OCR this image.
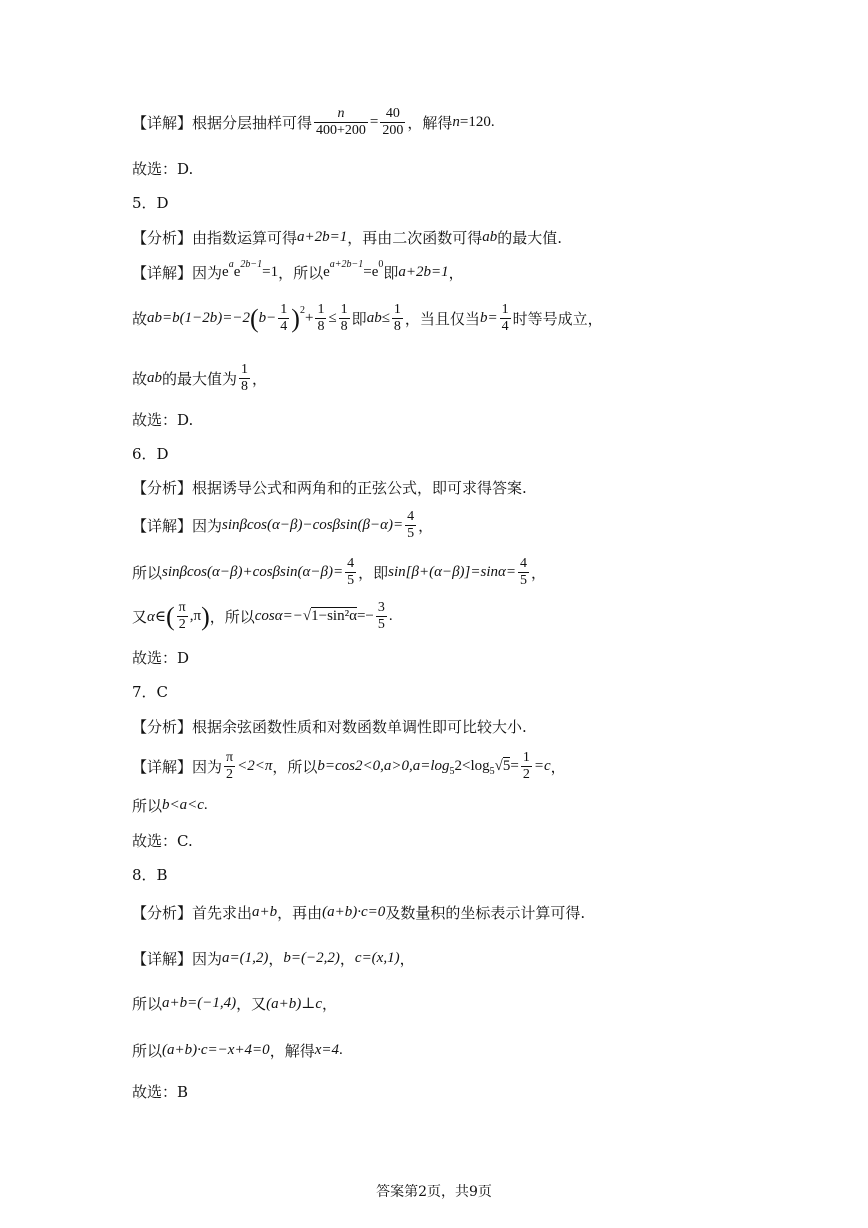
【详解】根据分层抽样可得 $\frac{n}{400+200} = \frac{40}{200}$ ，解得 n =120.
故选：D.
5．D
【分析】由指数运算可得 a+2b=1 ，再由二次函数可得 ab 的最大值.
【详解】因为 e a e 2b−1 =1 ，所以 e a+2b−1 =e 0 即 a+2b=1 ，
故 ab=b(1−2b)=−2 ( $b- \frac{1}{4}$ ) $2 + \frac{1}{8} \le \frac{1}{8}$ 即 $ab\le \frac{1}{8}$ ，当且仅当 $b= \frac{1}{4}$ 时等号成立，
故 ab 的最大值为 $\frac{1}{8}$ ，
故选：D.
6．D
【分析】根据诱导公式和两角和的正弦公式，即可求得答案.
【详解】因为 $\sin\beta\cos(\alpha-\beta)-\cos\beta\sin(\beta-\alpha)= \frac{4}{5}$ ，
所以 $\sin\beta\cos(\alpha-\beta)+\cos\beta\sin(\alpha-\beta)= \frac{4}{5}$ ，即 $\sin[\beta+(\alpha-\beta)]=\sin\alpha= \frac{4}{5}$ ，
又 α∈ ( $\frac{\pi}{2} ,\pi$ ) ，所以 $\cos\alpha=- √1-\sin^2\alpha =- \frac{3}{5}$ .
故选：D
7．C
【分析】根据余弦函数性质和对数函数单调性即可比较大小.
【详解】因为 $\frac{\pi}{2} <2<\pi$ ，所以 b=cos2<0,a>0,a=log 5 2<log 5 $√5 = \frac{1}{2} =c$ ，
所以 b<a<c .
故选：C.
8．B
【分析】首先求出 a+b ，再由 (a+b)·c=0 及数量积的坐标表示计算可得.
【详解】因为 a=(1,2) ， b=(−2,2) ， c=(x,1) ，
所以 a+b=(−1,4) ，又 (a+b)⊥c ，
所以 (a+b)·c=−x+4=0 ，解得 x=4 .
故选：B
答案第2页，共9页
